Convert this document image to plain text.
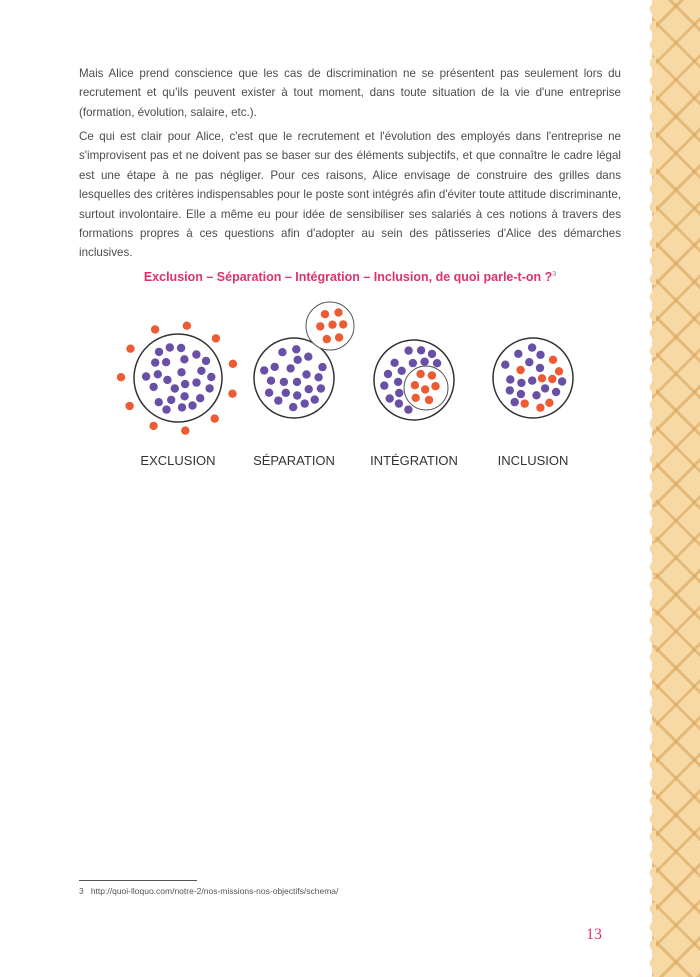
Mais Alice prend conscience que les cas de discrimination ne se présentent pas seulement lors du recrutement et qu'ils peuvent exister à tout moment, dans toute situation de la vie d'une entreprise (formation, évolution, salaire, etc.).

Ce qui est clair pour Alice, c'est que le recrutement et l'évolution des employés dans l'entreprise ne s'improvisent pas et ne doivent pas se baser sur des éléments subjectifs, et que connaître le cadre légal est une étape à ne pas négliger. Pour ces raisons, Alice envisage de construire des grilles dans lesquelles des critères indispensables pour le poste sont intégrés afin d'éviter toute attitude discriminante, surtout involontaire. Elle a même eu pour idée de sensibiliser ses salariés à ces notions à travers des formations propres à ces questions afin d'adopter au sein des pâtisseries d'Alice des démarches inclusives.

Exclusion – Séparation – Intégration – Inclusion, de quoi parle-t-on ?$^3$

EXCLUSION	SÉPARATION	INTÉGRATION	INCLUSION
3 http://quoi-lloquo.com/notre-2/nos-missions-nos-objectifs/schema/
13
